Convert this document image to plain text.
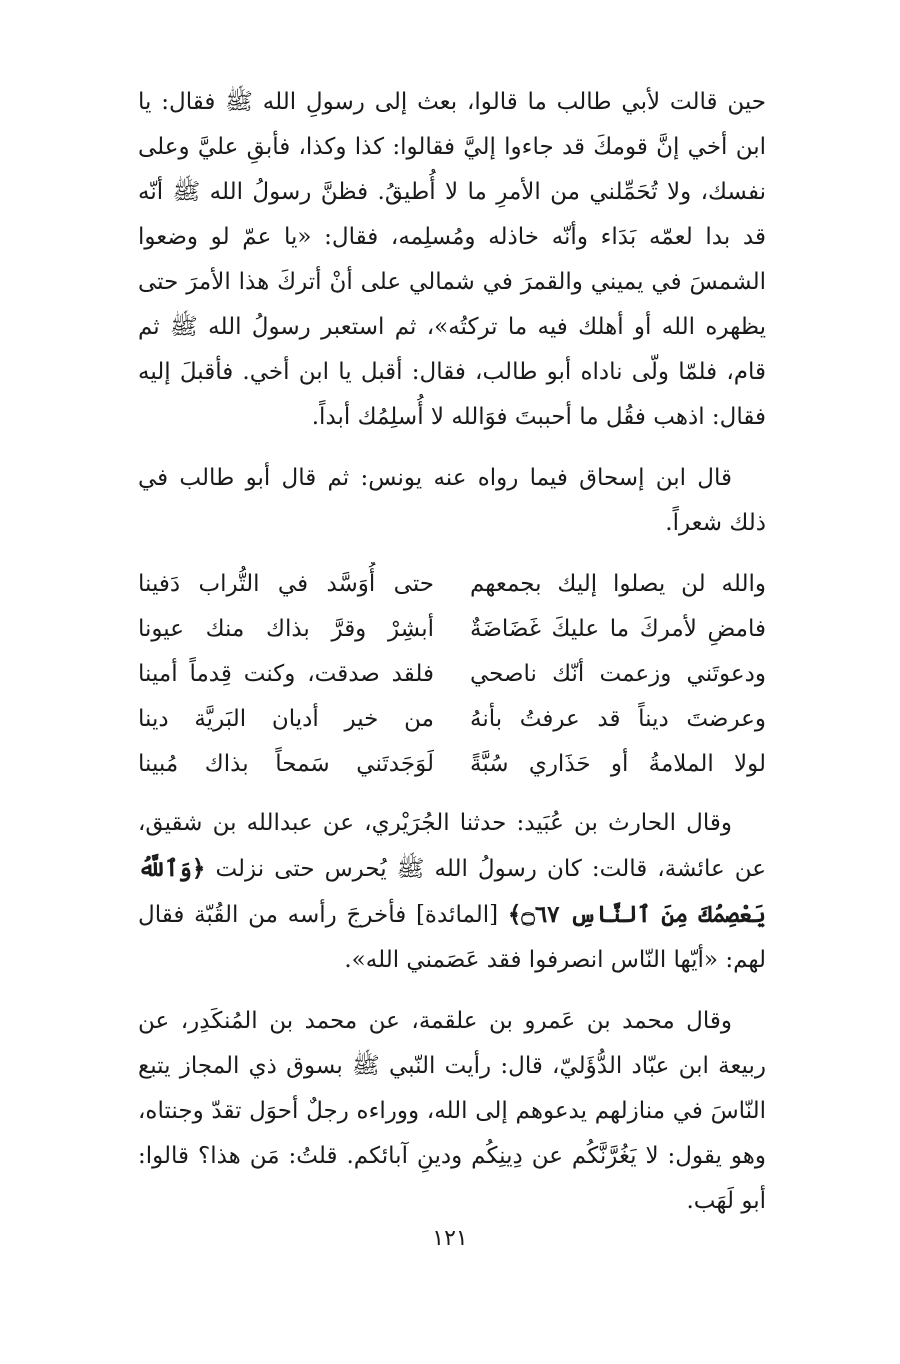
حين قالت لأبي طالب ما قالوا، بعث إلى رسولِ الله ﷺ فقال: يا ابن أخي إنَّ قومكَ قد جاءوا إليَّ فقالوا: كذا وكذا، فأبقِ عليَّ وعلى نفسك، ولا تُحَمِّلني من الأمرِ ما لا أُطيقُ. فظنَّ رسولُ الله ﷺ أنّه قد بدا لعمّه بَدَاء وأنّه خاذله ومُسلِمه، فقال: «يا عمّ لو وضعوا الشمسَ في يميني والقمرَ في شمالي على أنْ أتركَ هذا الأمرَ حتى يظهره الله أو أهلك فيه ما تركتُه»، ثم استعبر رسولُ الله ﷺ ثم قام، فلمّا ولّى ناداه أبو طالب، فقال: أقبل يا ابن أخي. فأقبلَ إليه فقال: اذهب فقُل ما أحببتَ فوَالله لا أُسلِمُك أبداً.

قال ابن إسحاق فيما رواه عنه يونس: ثم قال أبو طالب في ذلك شعراً.

والله لن يصلوا إليك بجمعهم
حتى أُوَسَّد في التُّراب دَفينا
فامضِ لأمركَ ما عليكَ غَضَاضَةٌ
أبشِرْ وقرَّ بذاك منك عيونا
ودعوتَني وزعمت أنّك ناصحي
فلقد صدقت، وكنت قِدماً أمينا
وعرضتَ ديناً قد عرفتُ بأنهُ
من خير أديان البَريَّة دينا
لولا الملامةُ أو حَذَاري سُبَّةً
لَوَجَدتَني سَمحاً بذاك مُبينا

وقال الحارث بن عُبَيد: حدثنا الجُرَيْري، عن عبدالله بن شقيق، عن عائشة، قالت: كان رسولُ الله ﷺ يُحرس حتى نزلت ﴿وَٱللَّهُ يَعْصِمُكَ مِنَ ٱلنَّاسِ ۝٦٧﴾ [المائدة] فأخرجَ رأسه من القُبّة فقال لهم: «أيّها النّاس انصرفوا فقد عَصَمني الله».

وقال محمد بن عَمرو بن علقمة، عن محمد بن المُنكَدِر، عن ربيعة ابن عبّاد الدُّؤَليّ، قال: رأيت النّبي ﷺ بسوق ذي المجاز يتبع النّاسَ في منازلهم يدعوهم إلى الله، ووراءه رجلٌ أحوَل تقدّ وجنتاه، وهو يقول: لا يَغُرَّنَّكُم عن دِينِكُم ودينِ آبائكم. قلتُ: مَن هذا؟ قالوا: أبو لَهَب.

١٢١
